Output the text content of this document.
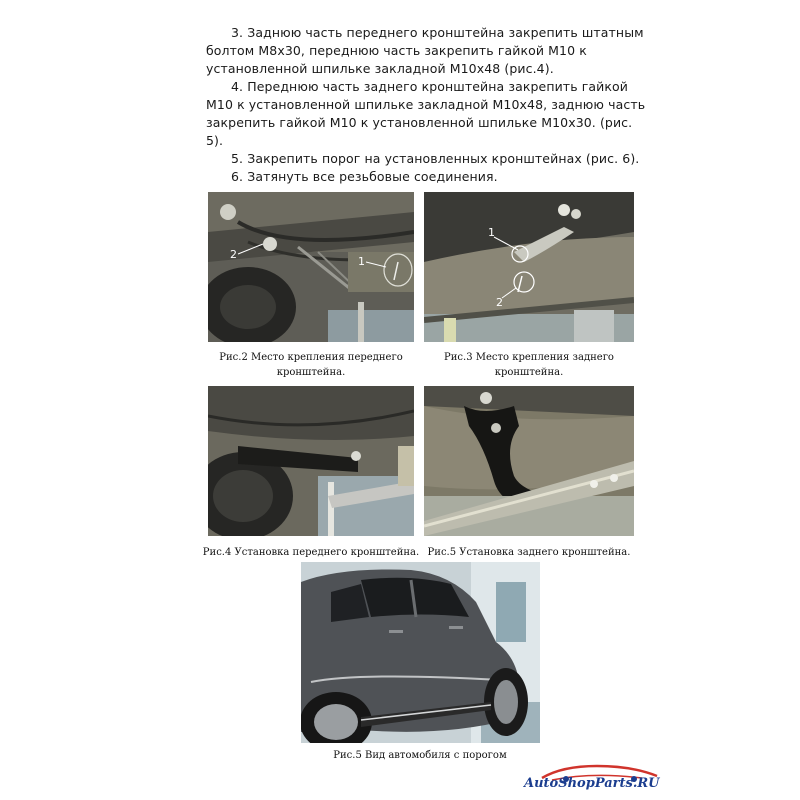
3. Заднюю часть переднего кронштейна закрепить штатным болтом М8х30, переднюю часть закрепить гайкой М10 к установленной шпильке закладной М10х48 (рис.4).

4. Переднюю часть заднего кронштейна закрепить гайкой М10 к установленной шпильке закладной М10х48, заднюю часть закрепить гайкой М10 к установленной шпильке М10х30. (рис. 5).

5. Закрепить порог на установленных кронштейнах (рис. 6).

6. Затянуть все резьбовые соединения.

2
1
Рис.2 Место крепления переднего кронштейна.
1
2
Рис.3 Место крепления заднего кронштейна.
Рис.4 Установка переднего кронштейна. Рис.5 Установка заднего кронштейна.
Рис.5 Вид автомобиля с порогом
AutoShopParts.RU
